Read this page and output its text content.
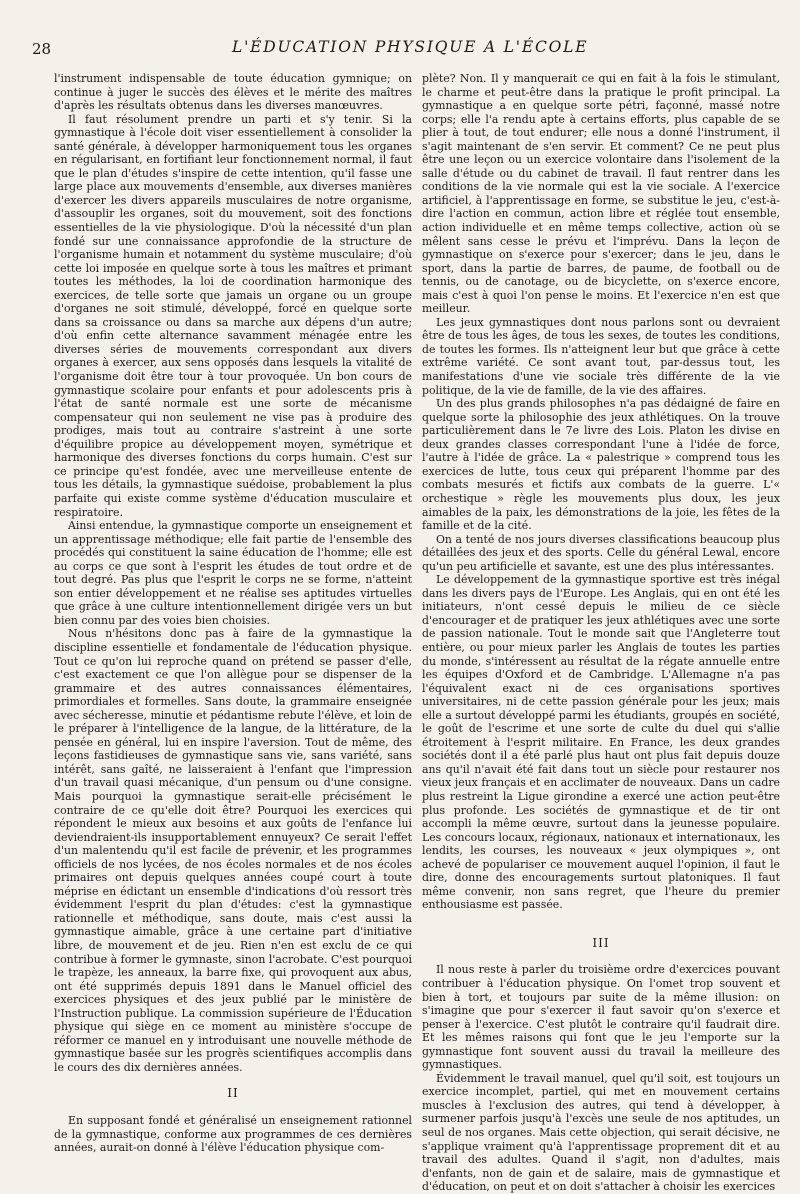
28	L'ÉDUCATION PHYSIQUE A L'ÉCOLE

l'instrument indispensable de toute éducation gymnique; on continue à juger le succès des élèves et le mérite des maîtres d'après les résultats obtenus dans les diverses manœuvres.

Il faut résolument prendre un parti et s'y tenir. Si la gymnastique à l'école doit viser essentiellement à consolider la santé générale, à développer harmoniquement tous les organes en régularisant, en fortifiant leur fonctionnement normal, il faut que le plan d'études s'inspire de cette intention, qu'il fasse une large place aux mouvements d'ensemble, aux diverses manières d'exercer les divers appareils musculaires de notre organisme, d'assouplir les organes, soit du mouvement, soit des fonctions essentielles de la vie physiologique. D'où la nécessité d'un plan fondé sur une connaissance approfondie de la structure de l'organisme humain et notamment du système musculaire; d'où cette loi imposée en quelque sorte à tous les maîtres et primant toutes les méthodes, la loi de coordination harmonique des exercices, de telle sorte que jamais un organe ou un groupe d'organes ne soit stimulé, développé, forcé en quelque sorte dans sa croissance ou dans sa marche aux dépens d'un autre; d'où enfin cette alternance savamment ménagée entre les diverses séries de mouvements correspondant aux divers organes à exercer, aux sens opposés dans lesquels la vitalité de l'organisme doit être tour à tour provoquée. Un bon cours de gymnastique scolaire pour enfants et pour adolescents pris à l'état de santé normale est une sorte de mécanisme compensateur qui non seulement ne vise pas à produire des prodiges, mais tout au contraire s'astreint à une sorte d'équilibre propice au développement moyen, symétrique et harmonique des diverses fonctions du corps humain. C'est sur ce principe qu'est fondée, avec une merveilleuse entente de tous les détails, la gymnastique suédoise, probablement la plus parfaite qui existe comme système d'éducation musculaire et respiratoire.

Ainsi entendue, la gymnastique comporte un enseignement et un apprentissage méthodique; elle fait partie de l'ensemble des procédés qui constituent la saine éducation de l'homme; elle est au corps ce que sont à l'esprit les études de tout ordre et de tout degré. Pas plus que l'esprit le corps ne se forme, n'atteint son entier développement et ne réalise ses aptitudes virtuelles que grâce à une culture intentionnellement dirigée vers un but bien connu par des voies bien choisies.

Nous n'hésitons donc pas à faire de la gymnastique la discipline essentielle et fondamentale de l'éducation physique. Tout ce qu'on lui reproche quand on prétend se passer d'elle, c'est exactement ce que l'on allègue pour se dispenser de la grammaire et des autres connaissances élémentaires, primordiales et formelles. Sans doute, la grammaire enseignée avec sécheresse, minutie et pédantisme rebute l'élève, et loin de le préparer à l'intelligence de la langue, de la littérature, de la pensée en général, lui en inspire l'aversion. Tout de même, des leçons fastidieuses de gymnastique sans vie, sans variété, sans intérêt, sans gaîté, ne laisseraient à l'enfant que l'impression d'un travail quasi mécanique, d'un pensum ou d'une consigne. Mais pourquoi la gymnastique serait-elle précisément le contraire de ce qu'elle doit être? Pourquoi les exercices qui répondent le mieux aux besoins et aux goûts de l'enfance lui deviendraient-ils insupportablement ennuyeux? Ce serait l'effet d'un malentendu qu'il est facile de prévenir, et les programmes officiels de nos lycées, de nos écoles normales et de nos écoles primaires ont depuis quelques années coupé court à toute méprise en édictant un ensemble d'indications d'où ressort très évidemment l'esprit du plan d'études: c'est la gymnastique rationnelle et méthodique, sans doute, mais c'est aussi la gymnastique aimable, grâce à une certaine part d'initiative libre, de mouvement et de jeu. Rien n'en est exclu de ce qui contribue à former le gymnaste, sinon l'acrobate. C'est pourquoi le trapèze, les anneaux, la barre fixe, qui provoquent aux abus, ont été supprimés depuis 1891 dans le Manuel officiel des exercices physiques et des jeux publié par le ministère de l'Instruction publique. La commission supérieure de l'Éducation physique qui siège en ce moment au ministère s'occupe de réformer ce manuel en y introduisant une nouvelle méthode de gymnastique basée sur les progrès scientifiques accomplis dans le cours des dix dernières années.

II

En supposant fondé et généralisé un enseignement rationnel de la gymnastique, conforme aux programmes de ces dernières années, aurait-on donné à l'élève l'éducation physique com-

plète? Non. Il y manquerait ce qui en fait à la fois le stimulant, le charme et peut-être dans la pratique le profit principal. La gymnastique a en quelque sorte pétri, façonné, massé notre corps; elle l'a rendu apte à certains efforts, plus capable de se plier à tout, de tout endurer; elle nous a donné l'instrument, il s'agit maintenant de s'en servir. Et comment? Ce ne peut plus être une leçon ou un exercice volontaire dans l'isolement de la salle d'étude ou du cabinet de travail. Il faut rentrer dans les conditions de la vie normale qui est la vie sociale. A l'exercice artificiel, à l'apprentissage en forme, se substitue le jeu, c'est-à-dire l'action en commun, action libre et réglée tout ensemble, action individuelle et en même temps collective, action où se mêlent sans cesse le prévu et l'imprévu. Dans la leçon de gymnastique on s'exerce pour s'exercer; dans le jeu, dans le sport, dans la partie de barres, de paume, de football ou de tennis, ou de canotage, ou de bicyclette, on s'exerce encore, mais c'est à quoi l'on pense le moins. Et l'exercice n'en est que meilleur.

Les jeux gymnastiques dont nous parlons sont ou devraient être de tous les âges, de tous les sexes, de toutes les conditions, de toutes les formes. Ils n'atteignent leur but que grâce à cette extrême variété. Ce sont avant tout, par-dessus tout, les manifestations d'une vie sociale très différente de la vie politique, de la vie de famille, de la vie des affaires.

Un des plus grands philosophes n'a pas dédaigné de faire en quelque sorte la philosophie des jeux athlétiques. On la trouve particulièrement dans le 7e livre des Lois. Platon les divise en deux grandes classes correspondant l'une à l'idée de force, l'autre à l'idée de grâce. La « palestrique » comprend tous les exercices de lutte, tous ceux qui préparent l'homme par des combats mesurés et fictifs aux combats de la guerre. L'« orchestique » règle les mouvements plus doux, les jeux aimables de la paix, les démonstrations de la joie, les fêtes de la famille et de la cité.

On a tenté de nos jours diverses classifications beaucoup plus détaillées des jeux et des sports. Celle du général Lewal, encore qu'un peu artificielle et savante, est une des plus intéressantes.

Le développement de la gymnastique sportive est très inégal dans les divers pays de l'Europe. Les Anglais, qui en ont été les initiateurs, n'ont cessé depuis le milieu de ce siècle d'encourager et de pratiquer les jeux athlétiques avec une sorte de passion nationale. Tout le monde sait que l'Angleterre tout entière, ou pour mieux parler les Anglais de toutes les parties du monde, s'intéressent au résultat de la régate annuelle entre les équipes d'Oxford et de Cambridge. L'Allemagne n'a pas l'équivalent exact ni de ces organisations sportives universitaires, ni de cette passion générale pour les jeux; mais elle a surtout développé parmi les étudiants, groupés en société, le goût de l'escrime et une sorte de culte du duel qui s'allie étroitement à l'esprit militaire. En France, les deux grandes sociétés dont il a été parlé plus haut ont plus fait depuis douze ans qu'il n'avait été fait dans tout un siècle pour restaurer nos vieux jeux français et en acclimater de nouveaux. Dans un cadre plus restreint la Ligue girondine a exercé une action peut-être plus profonde. Les sociétés de gymnastique et de tir ont accompli la même œuvre, surtout dans la jeunesse populaire. Les concours locaux, régionaux, nationaux et internationaux, les lendits, les courses, les nouveaux « jeux olympiques », ont achevé de populariser ce mouvement auquel l'opinion, il faut le dire, donne des encouragements surtout platoniques. Il faut même convenir, non sans regret, que l'heure du premier enthousiasme est passée.

III

Il nous reste à parler du troisième ordre d'exercices pouvant contribuer à l'éducation physique. On l'omet trop souvent et bien à tort, et toujours par suite de la même illusion: on s'imagine que pour s'exercer il faut savoir qu'on s'exerce et penser à l'exercice. C'est plutôt le contraire qu'il faudrait dire. Et les mêmes raisons qui font que le jeu l'emporte sur la gymnastique font souvent aussi du travail la meilleure des gymnastiques.

Évidemment le travail manuel, quel qu'il soit, est toujours un exercice incomplet, partiel, qui met en mouvement certains muscles à l'exclusion des autres, qui tend à développer, à surmener parfois jusqu'à l'excès une seule de nos aptitudes, un seul de nos organes. Mais cette objection, qui serait décisive, ne s'applique vraiment qu'à l'apprentissage proprement dit et au travail des adultes. Quand il s'agit, non d'adultes, mais d'enfants, non de gain et de salaire, mais de gymnastique et d'éducation, on peut et on doit s'attacher à choisir les exercices
